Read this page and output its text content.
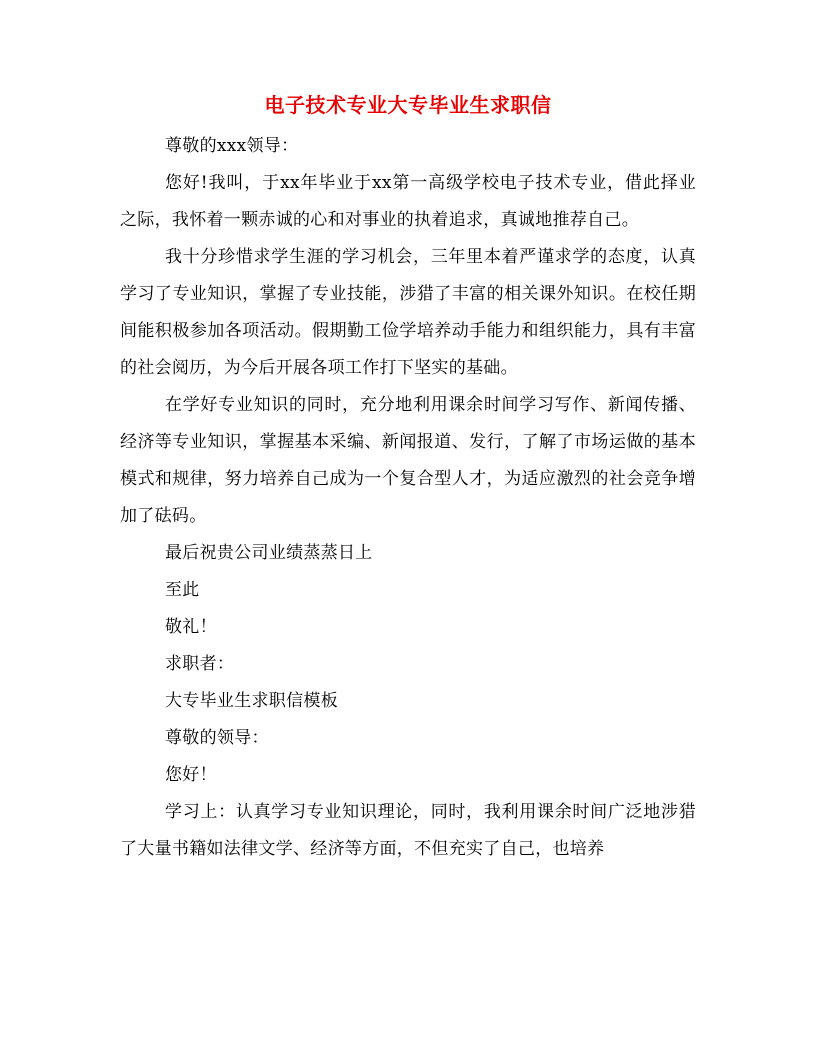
电子技术专业大专毕业生求职信

尊敬的xxx领导：

您好!我叫，于xx年毕业于xx第一高级学校电子技术专业，借此择业之际，我怀着一颗赤诚的心和对事业的执着追求，真诚地推荐自己。

我十分珍惜求学生涯的学习机会，三年里本着严谨求学的态度，认真学习了专业知识，掌握了专业技能，涉猎了丰富的相关课外知识。在校任期间能积极参加各项活动。假期勤工俭学培养动手能力和组织能力，具有丰富的社会阅历，为今后开展各项工作打下坚实的基础。

在学好专业知识的同时，充分地利用课余时间学习写作、新闻传播、经济等专业知识，掌握基本采编、新闻报道、发行，了解了市场运做的基本模式和规律，努力培养自己成为一个复合型人才，为适应激烈的社会竞争增加了砝码。

最后祝贵公司业绩蒸蒸日上

至此

敬礼！

求职者：

大专毕业生求职信模板

尊敬的领导：

您好！

学习上：认真学习专业知识理论，同时，我利用课余时间广泛地涉猎了大量书籍如法律文学、经济等方面，不但充实了自己，也培养
